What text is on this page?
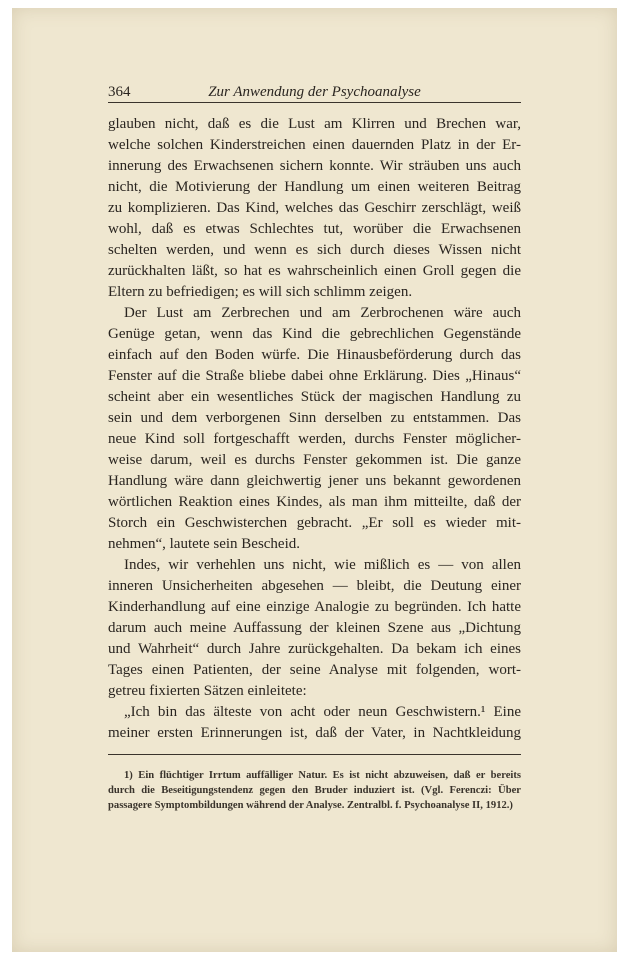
364	Zur Anwendung der Psychoanalyse
glauben nicht, daß es die Lust am Klirren und Brechen war,
welche solchen Kinderstreichen einen dauernden Platz in der Er-
innerung des Erwachsenen sichern konnte. Wir sträuben uns auch
nicht, die Motivierung der Handlung um einen weiteren Beitrag
zu komplizieren. Das Kind, welches das Geschirr zerschlägt, weiß
wohl, daß es etwas Schlechtes tut, worüber die Erwachsenen
schelten werden, und wenn es sich durch dieses Wissen nicht
zurückhalten läßt, so hat es wahrscheinlich einen Groll gegen die
Eltern zu befriedigen; es will sich schlimm zeigen.
Der Lust am Zerbrechen und am Zerbrochenen wäre auch
Genüge getan, wenn das Kind die gebrechlichen Gegenstände
einfach auf den Boden würfe. Die Hinausbeförderung durch das
Fenster auf die Straße bliebe dabei ohne Erklärung. Dies „Hinaus“
scheint aber ein wesentliches Stück der magischen Handlung zu
sein und dem verborgenen Sinn derselben zu entstammen. Das
neue Kind soll fortgeschafft werden, durchs Fenster möglicher-
weise darum, weil es durchs Fenster gekommen ist. Die ganze
Handlung wäre dann gleichwertig jener uns bekannt gewordenen
wörtlichen Reaktion eines Kindes, als man ihm mitteilte, daß der
Storch ein Geschwisterchen gebracht. „Er soll es wieder mit-
nehmen“, lautete sein Bescheid.
Indes, wir verhehlen uns nicht, wie mißlich es — von allen
inneren Unsicherheiten abgesehen — bleibt, die Deutung einer
Kinderhandlung auf eine einzige Analogie zu begründen. Ich hatte
darum auch meine Auffassung der kleinen Szene aus „Dichtung
und Wahrheit“ durch Jahre zurückgehalten. Da bekam ich eines
Tages einen Patienten, der seine Analyse mit folgenden, wort-
getreu fixierten Sätzen einleitete:
„Ich bin das älteste von acht oder neun Geschwistern.¹ Eine
meiner ersten Erinnerungen ist, daß der Vater, in Nachtkleidung
1) Ein flüchtiger Irrtum auffälliger Natur. Es ist nicht abzuweisen, daß er bereits
durch die Beseitigungstendenz gegen den Bruder induziert ist. (Vgl. Ferenczi: Über
passagere Symptombildungen während der Analyse. Zentralbl. f. Psychoanalyse II, 1912.)
